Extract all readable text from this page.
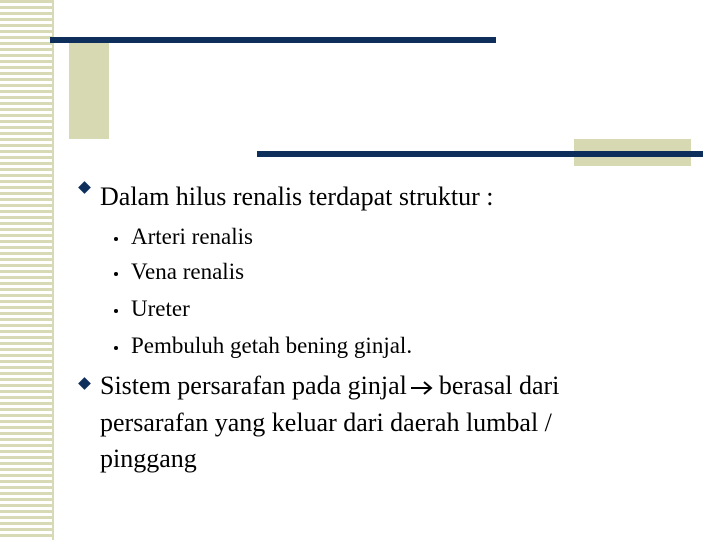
Dalam hilus renalis terdapat struktur :
Arteri renalis
Vena renalis
Ureter
Pembuluh getah bening ginjal.
Sistem persarafan pada ginjal berasal dari
persarafan yang keluar dari daerah lumbal /
pinggang
